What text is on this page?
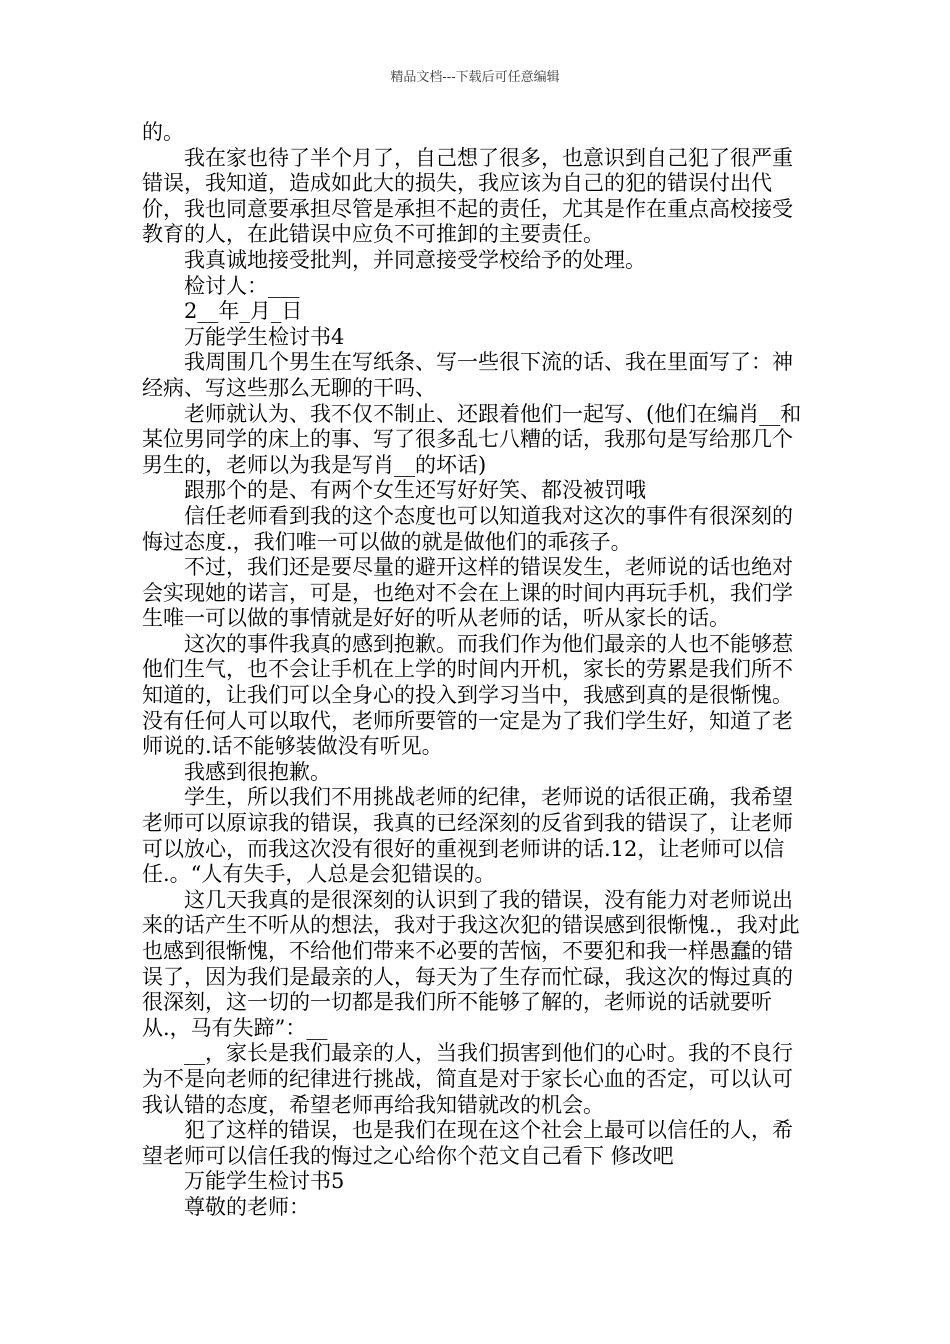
精品文档---下载后可任意编辑

的。

我在家也待了半个月了，自己想了很多，也意识到自己犯了很严重错误，我知道，造成如此大的损失，我应该为自己的犯的错误付出代价，我也同意要承担尽管是承担不起的责任，尤其是作在重点高校接受教育的人，在此错误中应负不可推卸的主要责任。

我真诚地接受批判，并同意接受学校给予的处理。

检讨人：___

2__年_月_日

万能学生检讨书4

我周围几个男生在写纸条、写一些很下流的话、我在里面写了：神经病、写这些那么无聊的干吗、

老师就认为、我不仅不制止、还跟着他们一起写、(他们在编肖__和某位男同学的床上的事、写了很多乱七八糟的话，我那句是写给那几个男生的，老师以为我是写肖__的坏话)

跟那个的是、有两个女生还写好好笑、都没被罚哦

信任老师看到我的这个态度也可以知道我对这次的事件有很深刻的悔过态度.，我们唯一可以做的就是做他们的乖孩子。

不过，我们还是要尽量的避开这样的错误发生，老师说的话也绝对会实现她的诺言，可是，也绝对不会在上课的时间内再玩手机，我们学生唯一可以做的事情就是好好的听从老师的话，听从家长的话。

这次的事件我真的感到抱歉。而我们作为他们最亲的人也不能够惹他们生气，也不会让手机在上学的时间内开机，家长的劳累是我们所不知道的，让我们可以全身心的投入到学习当中，我感到真的是很惭愧。没有任何人可以取代，老师所要管的一定是为了我们学生好，知道了老师说的.话不能够装做没有听见。

我感到很抱歉。

学生，所以我们不用挑战老师的纪律，老师说的话很正确，我希望老师可以原谅我的错误，我真的已经深刻的反省到我的错误了，让老师可以放心，而我这次没有很好的重视到老师讲的话.12，让老师可以信任.。“人有失手，人总是会犯错误的。

这几天我真的是很深刻的认识到了我的错误，没有能力对老师说出来的话产生不听从的想法，我对于我这次犯的错误感到很惭愧.，我对此也感到很惭愧，不给他们带来不必要的苦恼，不要犯和我一样愚蠢的错误了，因为我们是最亲的人，每天为了生存而忙碌，我这次的悔过真的很深刻，这一切的一切都是我们所不能够了解的，老师说的话就要听从.，马有失蹄”：__

__，家长是我们最亲的人，当我们损害到他们的心时。我的不良行为不是向老师的纪律进行挑战，简直是对于家长心血的否定，可以认可我认错的态度，希望老师再给我知错就改的机会。

犯了这样的错误，也是我们在现在这个社会上最可以信任的人，希望老师可以信任我的悔过之心给你个范文自己看下 修改吧

万能学生检讨书5

尊敬的老师：
